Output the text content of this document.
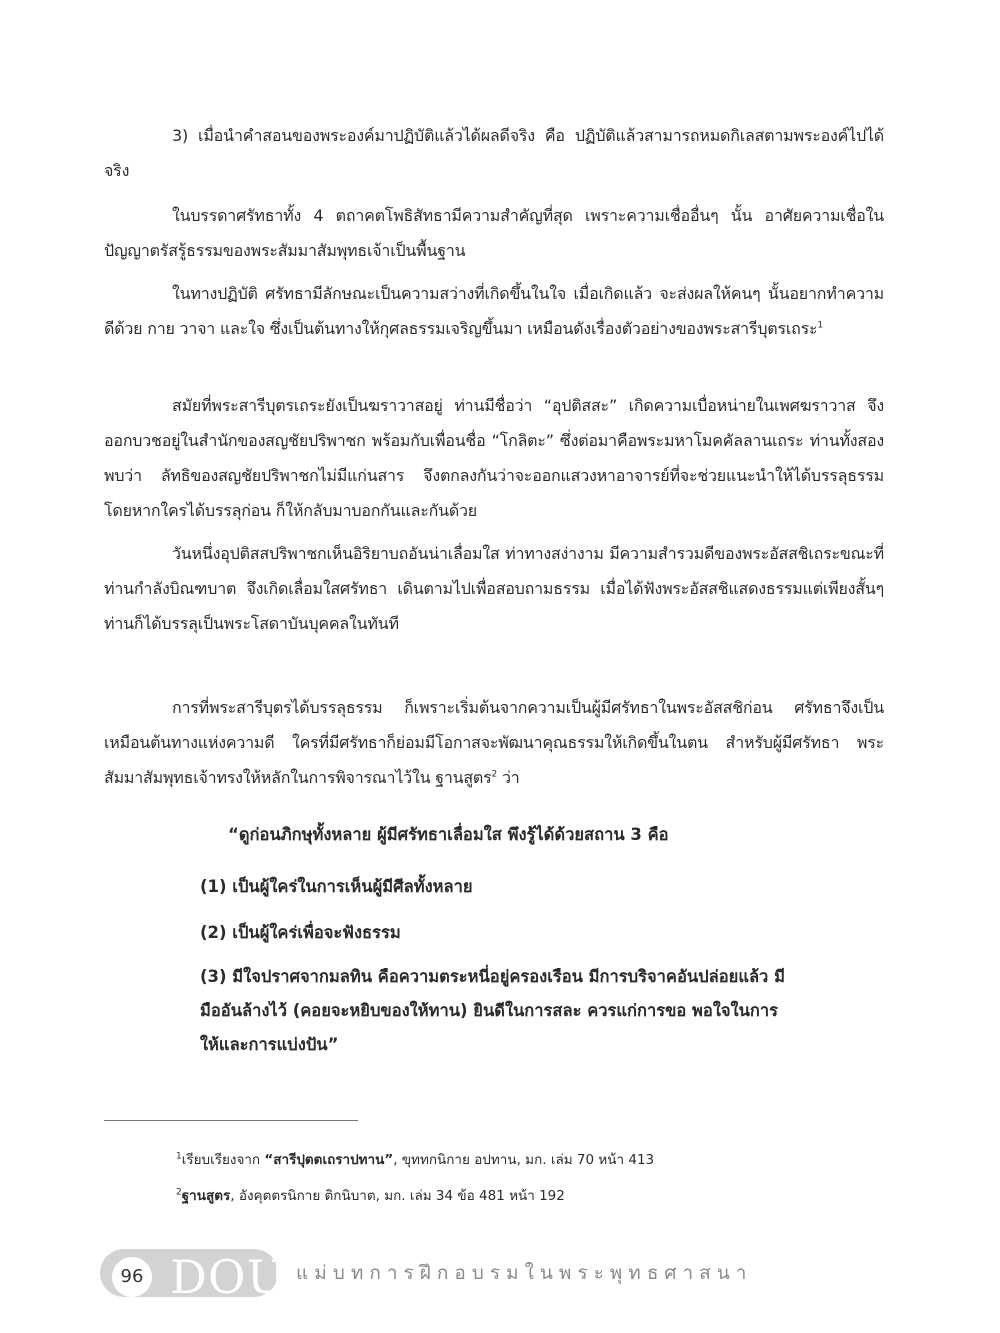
3) เมื่อนำคำสอนของพระองค์มาปฏิบัติแล้วได้ผลดีจริง คือ ปฏิบัติแล้วสามารถหมดกิเลสตามพระองค์ไปได้จริง

ในบรรดาศรัทธาทั้ง 4 ตถาคตโพธิสัทธามีความสำคัญที่สุด เพราะความเชื่ออื่นๆ นั้น อาศัยความเชื่อในปัญญาตรัสรู้ธรรมของพระสัมมาสัมพุทธเจ้าเป็นพื้นฐาน

ในทางปฏิบัติ ศรัทธามีลักษณะเป็นความสว่างที่เกิดขึ้นในใจ เมื่อเกิดแล้ว จะส่งผลให้คนๆ นั้นอยากทำความดีด้วย กาย วาจา และใจ ซึ่งเป็นต้นทางให้กุศลธรรมเจริญขึ้นมา เหมือนดังเรื่องตัวอย่างของพระสารีบุตรเถระ$^1$

สมัยที่พระสารีบุตรเถระยังเป็นฆราวาสอยู่ ท่านมีชื่อว่า “อุปติสสะ” เกิดความเบื่อหน่ายในเพศฆราวาส จึงออกบวชอยู่ในสำนักของสญชัยปริพาชก พร้อมกับเพื่อนชื่อ “โกลิตะ” ซึ่งต่อมาคือพระมหาโมคคัลลานเถระ ท่านทั้งสองพบว่า ลัทธิของสญชัยปริพาชกไม่มีแก่นสาร จึงตกลงกันว่าจะออกแสวงหาอาจารย์ที่จะช่วยแนะนำให้ได้บรรลุธรรม โดยหากใครได้บรรลุก่อน ก็ให้กลับมาบอกกันและกันด้วย

วันหนึ่งอุปติสสปริพาชกเห็นอิริยาบถอันน่าเลื่อมใส ท่าทางสง่างาม มีความสำรวมดีของพระอัสสชิเถระขณะที่ท่านกำลังบิณฑบาต จึงเกิดเลื่อมใสศรัทธา เดินตามไปเพื่อสอบถามธรรม เมื่อได้ฟังพระอัสสชิแสดงธรรมแต่เพียงสั้นๆ ท่านก็ได้บรรลุเป็นพระโสดาบันบุคคลในทันที

การที่พระสารีบุตรได้บรรลุธรรม ก็เพราะเริ่มต้นจากความเป็นผู้มีศรัทธาในพระอัสสชิก่อน ศรัทธาจึงเป็นเหมือนต้นทางแห่งความดี ใครที่มีศรัทธาก็ย่อมมีโอกาสจะพัฒนาคุณธรรมให้เกิดขึ้นในตน สำหรับผู้มีศรัทธา พระสัมมาสัมพุทธเจ้าทรงให้หลักในการพิจารณาไว้ใน ฐานสูตร$^2$ ว่า

“ดูก่อนภิกษุทั้งหลาย ผู้มีศรัทธาเลื่อมใส พึงรู้ได้ด้วยสถาน 3 คือ

(1) เป็นผู้ใคร่ในการเห็นผู้มีศีลทั้งหลาย

(2) เป็นผู้ใคร่เพื่อจะฟังธรรม

(3) มีใจปราศจากมลทิน คือความตระหนี่อยู่ครองเรือน มีการบริจาคอันปล่อยแล้ว มีมืออันล้างไว้ (คอยจะหยิบของให้ทาน) ยินดีในการสละ ควรแก่การขอ พอใจในการให้และการแบ่งปัน”

$^1$เรียบเรียงจาก “สารีปุตตเถราปทาน”, ขุททกนิกาย อปทาน, มก. เล่ม 70 หน้า 413

$^2$ฐานสูตร, อังคุตตรนิกาย ติกนิบาต, มก. เล่ม 34 ข้อ 481 หน้า 192

96 DOU แม่บทการฝึกอบรมในพระพุทธศาสนา
